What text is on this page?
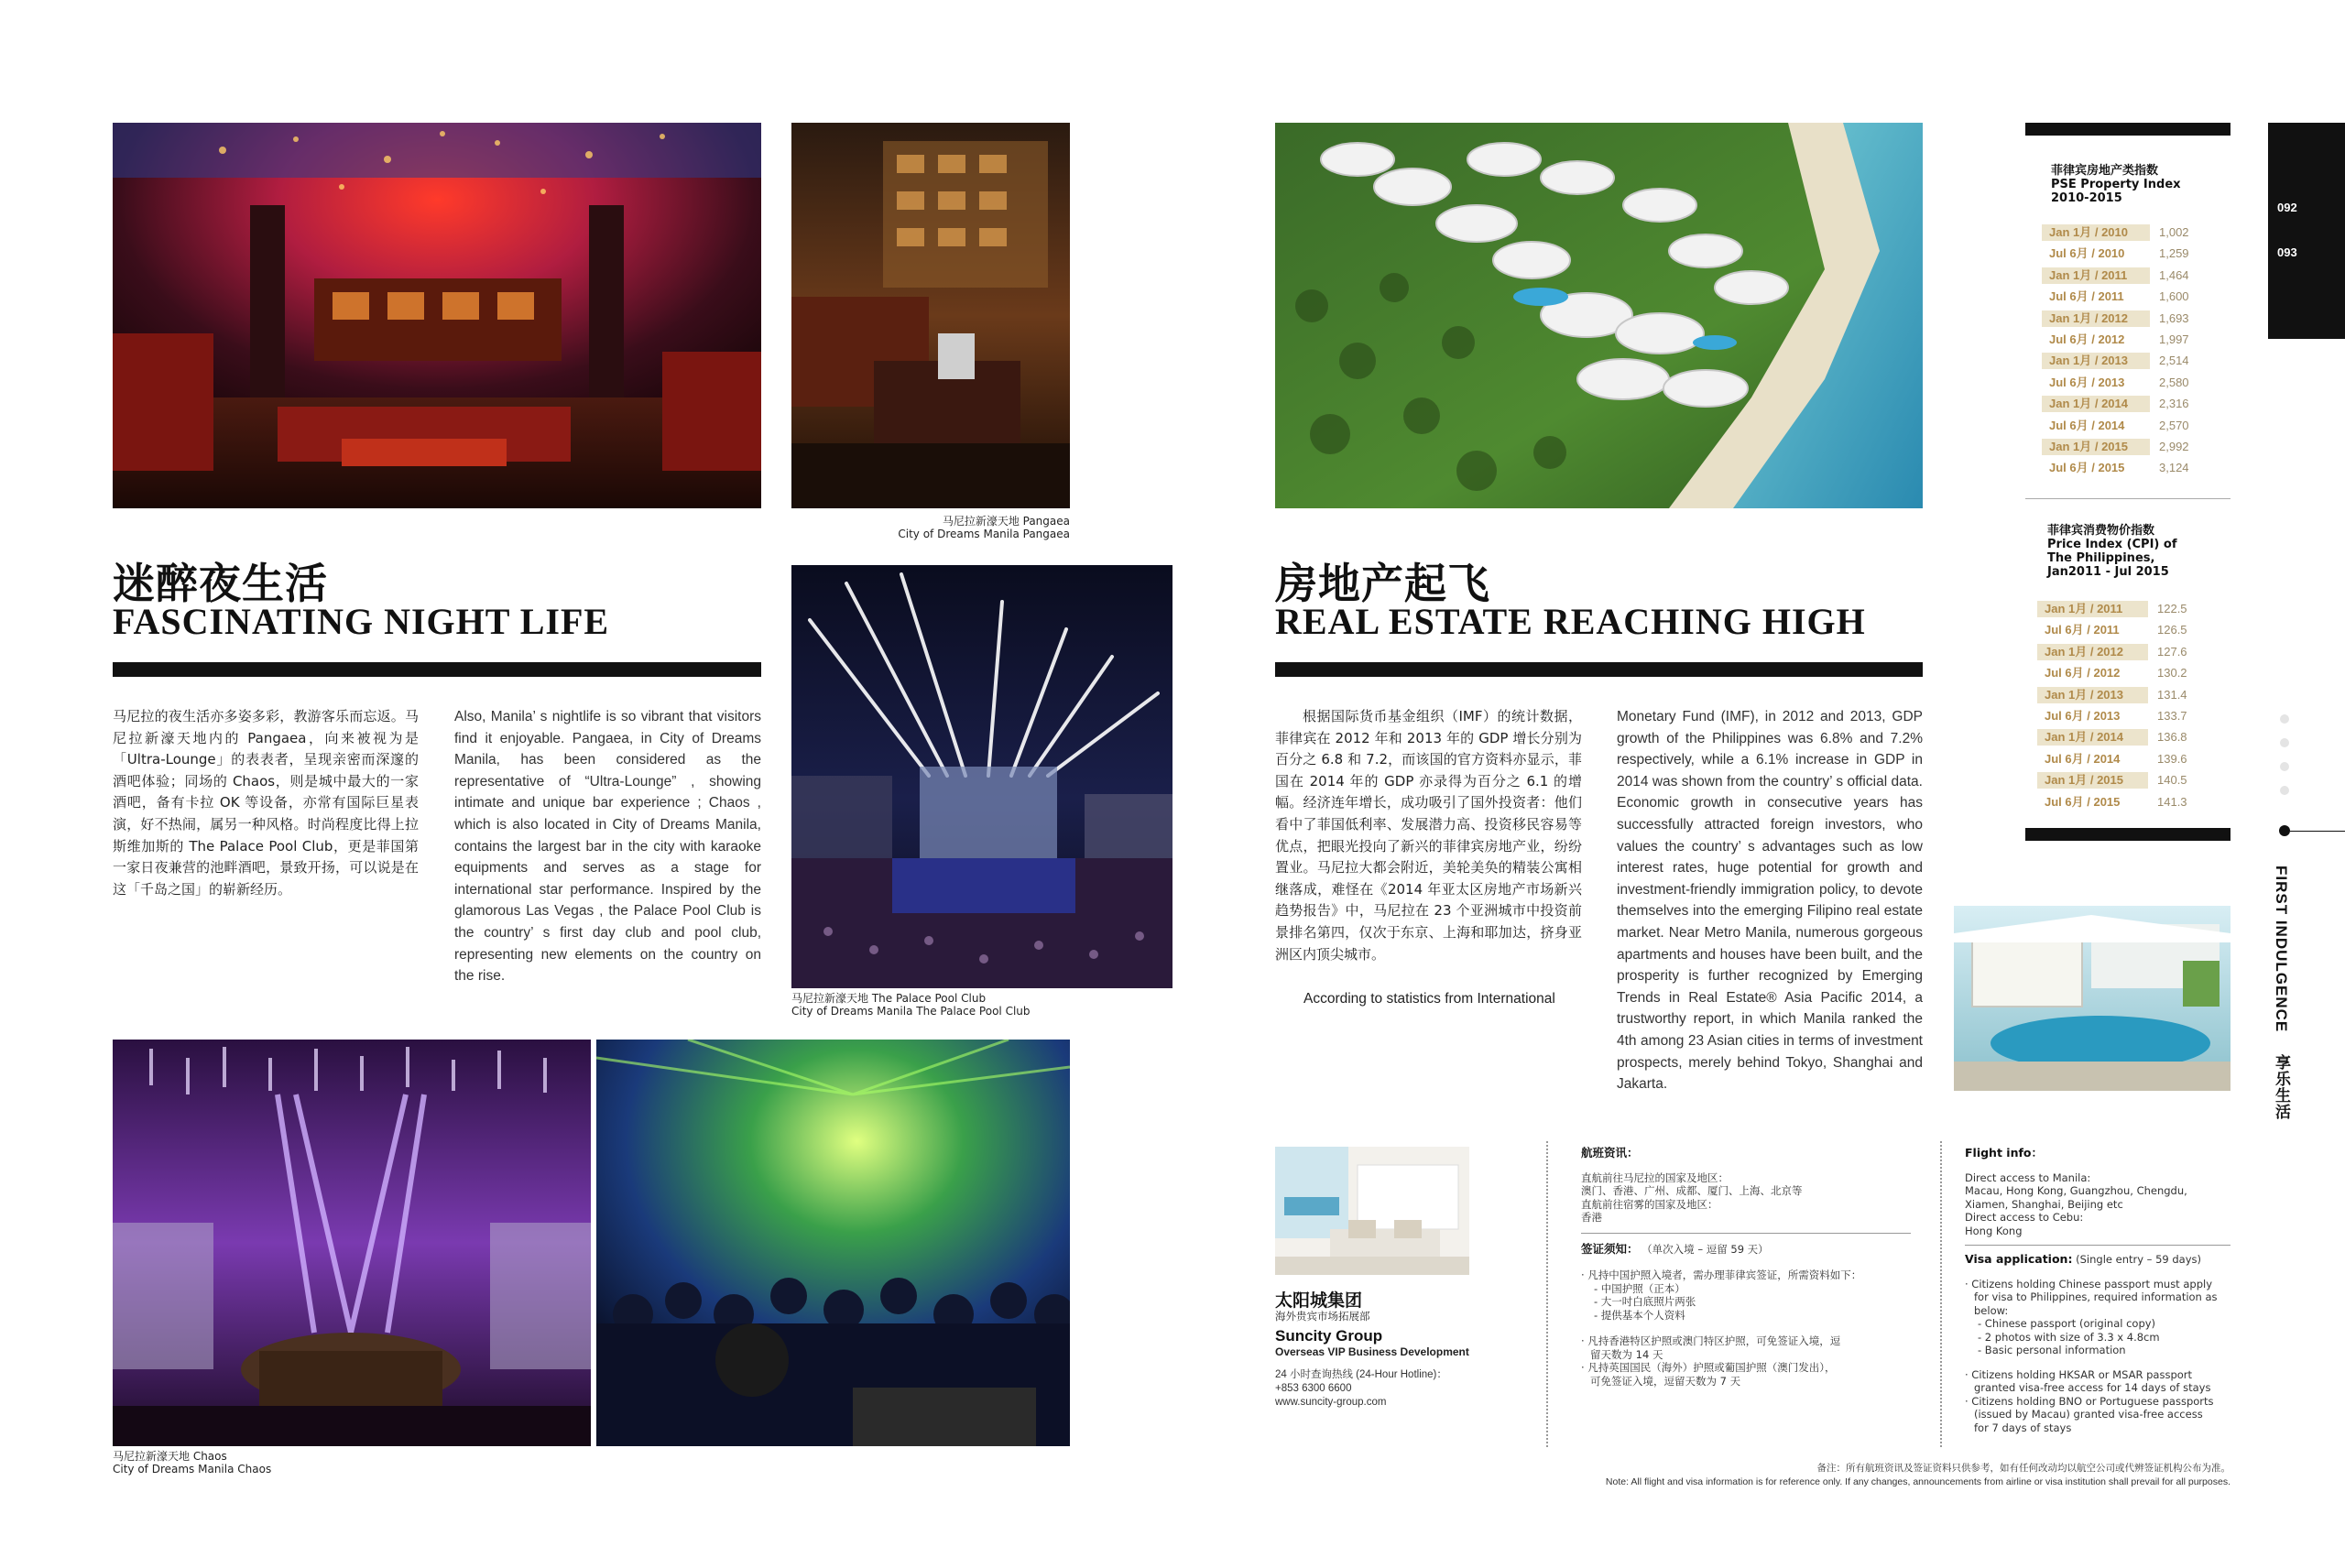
马尼拉新濠天地 Pangaea
City of Dreams Manila Pangaea
迷醉夜生活
FASCINATING NIGHT LIFE
马尼拉的夜生活亦多姿多彩，教游客乐而忘返。马尼拉新濠天地内的 Pangaea，向来被视为是「Ultra-Lounge」的表表者，呈现亲密而深邃的酒吧体验；同场的 Chaos，则是城中最大的一家酒吧，备有卡拉 OK 等设备，亦常有国际巨星表演，好不热闹，属另一种风格。时尚程度比得上拉斯维加斯的 The Palace Pool Club，更是菲国第一家日夜兼营的池畔酒吧，景致开扬，可以说是在这「千岛之国」的崭新经历。
Also, Manila’ s nightlife is so vibrant that visitors find it enjoyable. Pangaea, in City of Dreams Manila, has been considered as the representative of “Ultra-Lounge” , showing intimate and unique bar experience ; Chaos , which is also located in City of Dreams Manila, contains the largest bar in the city with karaoke equipments and serves as a stage for international star performance. Inspired by the glamorous Las Vegas , the Palace Pool Club is the country’ s first day club and pool club, representing new elements on the country on the rise.
马尼拉新濠天地 The Palace Pool Club
City of Dreams Manila The Palace Pool Club
马尼拉新濠天地 Chaos
City of Dreams Manila Chaos
房地产起飞
REAL ESTATE REACHING HIGH
根据国际货币基金组织（IMF）的统计数据，菲律宾在 2012 年和 2013 年的 GDP 增长分别为百分之 6.8 和 7.2，而该国的官方资料亦显示，菲国在 2014 年的 GDP 亦录得为百分之 6.1 的增幅。经济连年增长，成功吸引了国外投资者：他们看中了菲国低利率、发展潜力高、投资移民容易等优点，把眼光投向了新兴的菲律宾房地产业，纷纷置业。马尼拉大都会附近，美轮美奂的精装公寓相继落成，难怪在《2014 年亚太区房地产市场新兴趋势报告》中，马尼拉在 23 个亚洲城市中投资前景排名第四，仅次于东京、上海和耶加达，挤身亚洲区内顶尖城市。
According to statistics from International
Monetary Fund (IMF), in 2012 and 2013, GDP growth of the Philippines was 6.8% and 7.2% respectively, while a 6.1% increase in GDP in 2014 was shown from the country’ s official data. Economic growth in consecutive years has successfully attracted foreign investors, who values the country’ s advantages such as low interest rates, huge potential for growth and investment-friendly immigration policy, to devote themselves into the emerging Filipino real estate market. Near Metro Manila, numerous gorgeous apartments and houses have been built, and the prosperity is further recognized by Emerging Trends in Real Estate® Asia Pacific 2014, a trustworthy report, in which Manila ranked the 4th among 23 Asian cities in terms of investment prospects, merely behind Tokyo, Shanghai and Jakarta.
菲律宾房地产类指数
PSE Property Index
2010-2015
Jan 1月 / 2010	1,002
Jul 6月 / 2010	1,259
Jan 1月 / 2011	1,464
Jul 6月 / 2011	1,600
Jan 1月 / 2012	1,693
Jul 6月 / 2012	1,997
Jan 1月 / 2013	2,514
Jul 6月 / 2013	2,580
Jan 1月 / 2014	2,316
Jul 6月 / 2014	2,570
Jan 1月 / 2015	2,992
Jul 6月 / 2015	3,124
菲律宾消费物价指数
Price Index (CPI) of
The Philippines,
Jan2011 - Jul 2015
Jan 1月 / 2011	122.5
Jul 6月 / 2011	126.5
Jan 1月 / 2012	127.6
Jul 6月 / 2012	130.2
Jan 1月 / 2013	131.4
Jul 6月 / 2013	133.7
Jan 1月 / 2014	136.8
Jul 6月 / 2014	139.6
Jan 1月 / 2015	140.5
Jul 6月 / 2015	141.3
092
093
FIRST INDULGENCE 享乐生活
太阳城集团
海外贵宾市场拓展部
Suncity Group
Overseas VIP Business Development
24 小时查询热线 (24-Hour Hotline)：
+853 6300 6600
www.suncity-group.com
航班资讯：
直航前往马尼拉的国家及地区：
澳门、香港、广州、成都、厦门、上海、北京等
直航前往宿雾的国家及地区：
香港
签证须知： （单次入境 – 逗留 59 天）
· 凡持中国护照入境者，需办理菲律宾签证，所需资料如下：
- 中国护照（正本）
- 大一吋白底照片两张
- 提供基本个人资料
· 凡持香港特区护照或澳门特区护照，可免签证入境，逗
留天数为 14 天
· 凡持英国国民（海外）护照或葡国护照（澳门发出），
可免签证入境，逗留天数为 7 天
Flight info：
Direct access to Manila:
Macau, Hong Kong, Guangzhou, Chengdu,
Xiamen, Shanghai, Beijing etc
Direct access to Cebu:
Hong Kong
Visa application: (Single entry – 59 days)
· Citizens holding Chinese passport must apply
for visa to Philippines, required information as
below:
- Chinese passport (original copy)
- 2 photos with size of 3.3 x 4.8cm
- Basic personal information
· Citizens holding HKSAR or MSAR passport
granted visa-free access for 14 days of stays
· Citizens holding BNO or Portuguese passports
(issued by Macau) granted visa-free access
for 7 days of stays
备注：所有航班资讯及签证资料只供参考，如有任何改动均以航空公司或代辨签证机构公布为准。
Note: All flight and visa information is for reference only. If any changes, announcements from airline or visa institution shall prevail for all purposes.
